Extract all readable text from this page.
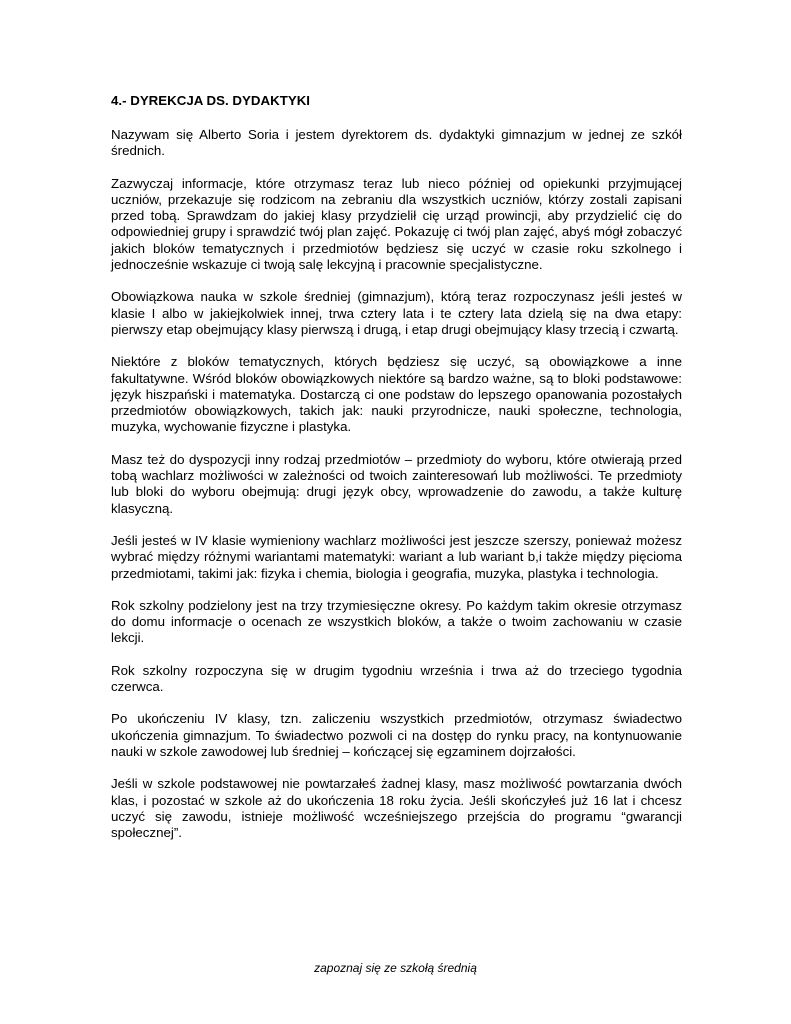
4.- DYREKCJA DS. DYDAKTYKI

Nazywam się Alberto Soria i jestem dyrektorem ds. dydaktyki gimnazjum w jednej ze szkół średnich.

Zazwyczaj informacje, które otrzymasz teraz lub nieco później od opiekunki przyjmującej uczniów, przekazuje się rodzicom na zebraniu dla wszystkich uczniów, którzy zostali zapisani przed tobą. Sprawdzam do jakiej klasy przydzielił cię urząd prowincji, aby przydzielić cię do odpowiedniej grupy i sprawdzić twój plan zajęć. Pokazuję ci twój plan zajęć, abyś mógł zobaczyć jakich bloków tematycznych i przedmiotów będziesz się uczyć w czasie roku szkolnego i jednocześnie wskazuje ci twoją salę lekcyjną i pracownie specjalistyczne.

Obowiązkowa nauka w szkole średniej (gimnazjum), którą teraz rozpoczynasz jeśli jesteś w klasie I albo w jakiejkolwiek innej, trwa cztery lata i te cztery lata dzielą się na dwa etapy: pierwszy etap obejmujący klasy pierwszą i drugą, i etap drugi obejmujący klasy trzecią i czwartą.

Niektóre z bloków tematycznych, których będziesz się uczyć, są obowiązkowe a inne fakultatywne. Wśród bloków obowiązkowych niektóre są bardzo ważne, są to bloki podstawowe: język hiszpański i matematyka. Dostarczą ci one podstaw do lepszego opanowania pozostałych przedmiotów obowiązkowych, takich jak: nauki przyrodnicze, nauki społeczne, technologia, muzyka, wychowanie fizyczne i plastyka.

Masz też do dyspozycji inny rodzaj przedmiotów – przedmioty do wyboru, które otwierają przed tobą wachlarz możliwości w zależności od twoich zainteresowań lub możliwości. Te przedmioty lub bloki do wyboru obejmują: drugi język obcy, wprowadzenie do zawodu, a także kulturę klasyczną.

Jeśli jesteś w IV klasie wymieniony wachlarz możliwości jest jeszcze szerszy, ponieważ możesz wybrać między różnymi wariantami matematyki: wariant a lub wariant b,i także między pięcioma przedmiotami, takimi jak: fizyka i chemia, biologia i geografia, muzyka, plastyka i technologia.

Rok szkolny podzielony jest na trzy trzymiesięczne okresy. Po każdym takim okresie otrzymasz do domu informacje o ocenach ze wszystkich bloków, a także o twoim zachowaniu w czasie lekcji.

Rok szkolny rozpoczyna się w drugim tygodniu września i trwa aż do trzeciego tygodnia czerwca.

Po ukończeniu IV klasy, tzn. zaliczeniu wszystkich przedmiotów, otrzymasz świadectwo ukończenia gimnazjum. To świadectwo pozwoli ci na dostęp do rynku pracy, na kontynuowanie nauki w szkole zawodowej lub średniej – kończącej się egzaminem dojrzałości.

Jeśli w szkole podstawowej nie powtarzałeś żadnej klasy, masz możliwość powtarzania dwóch klas, i pozostać w szkole aż do ukończenia 18 roku życia. Jeśli skończyłeś już 16 lat i chcesz uczyć się zawodu, istnieje możliwość wcześniejszego przejścia do programu “gwarancji społecznej”.

zapoznaj się ze szkołą średnią
